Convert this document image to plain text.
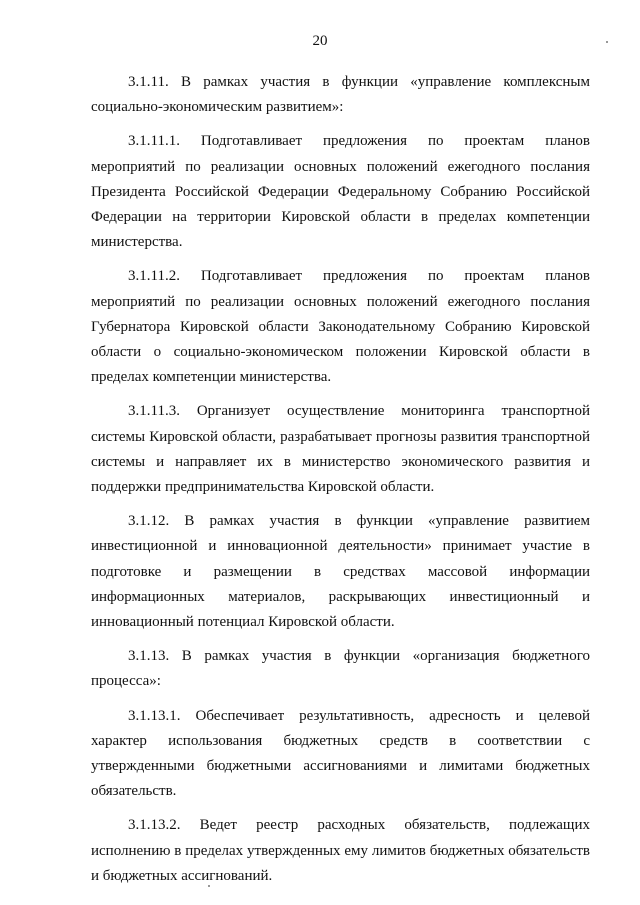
20

3.1.11. В рамках участия в функции «управление комплексным социально-экономическим развитием»:

3.1.11.1. Подготавливает предложения по проектам планов мероприятий по реализации основных положений ежегодного послания Президента Российской Федерации Федеральному Собранию Российской Федерации на территории Кировской области в пределах компетенции министерства.

3.1.11.2. Подготавливает предложения по проектам планов мероприятий по реализации основных положений ежегодного послания Губернатора Кировской области Законодательному Собранию Кировской области о социально-экономическом положении Кировской области в пределах компетенции министерства.

3.1.11.3. Организует осуществление мониторинга транспортной системы Кировской области, разрабатывает прогнозы развития транспортной системы и направляет их в министерство экономического развития и поддержки предпринимательства Кировской области.

3.1.12. В рамках участия в функции «управление развитием инвестиционной и инновационной деятельности» принимает участие в подготовке и размещении в средствах массовой информации информационных материалов, раскрывающих инвестиционный и инновационный потенциал Кировской области.

3.1.13. В рамках участия в функции «организация бюджетного процесса»:

3.1.13.1. Обеспечивает результативность, адресность и целевой характер использования бюджетных средств в соответствии с утвержденными бюджетными ассигнованиями и лимитами бюджетных обязательств.

3.1.13.2. Ведет реестр расходных обязательств, подлежащих исполнению в пределах утвержденных ему лимитов бюджетных обязательств и бюджетных ассигнований.
